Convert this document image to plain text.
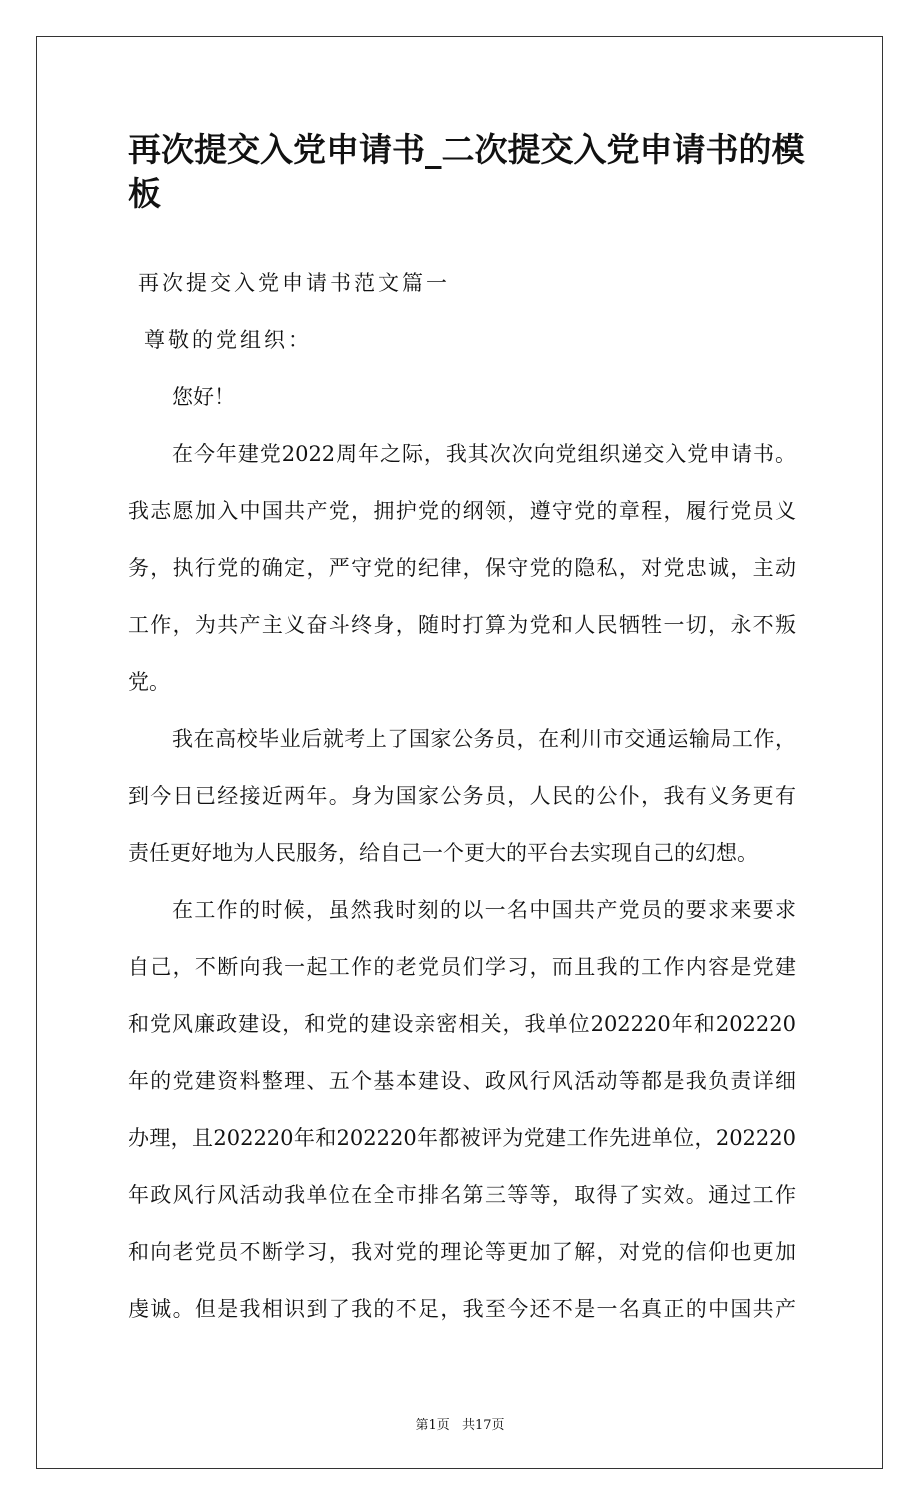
再次提交入党申请书_二次提交入党申请书的模板
再次提交入党申请书范文篇一
尊敬的党组织：
您好！
在今年建党2022周年之际，我其次次向党组织递交入党申请书。
我志愿加入中国共产党，拥护党的纲领，遵守党的章程，履行党员义
务，执行党的确定，严守党的纪律，保守党的隐私，对党忠诚，主动
工作，为共产主义奋斗终身，随时打算为党和人民牺牲一切，永不叛
党。
我在高校毕业后就考上了国家公务员，在利川市交通运输局工作，
到今日已经接近两年。身为国家公务员，人民的公仆，我有义务更有
责任更好地为人民服务，给自己一个更大的平台去实现自己的幻想。
在工作的时候，虽然我时刻的以一名中国共产党员的要求来要求
自己，不断向我一起工作的老党员们学习，而且我的工作内容是党建
和党风廉政建设，和党的建设亲密相关，我单位202220年和202220
年的党建资料整理、五个基本建设、政风行风活动等都是我负责详细
办理，且202220年和202220年都被评为党建工作先进单位，202220
年政风行风活动我单位在全市排名第三等等，取得了实效。通过工作
和向老党员不断学习，我对党的理论等更加了解，对党的信仰也更加
虔诚。但是我相识到了我的不足，我至今还不是一名真正的中国共产
第1页 共17页
